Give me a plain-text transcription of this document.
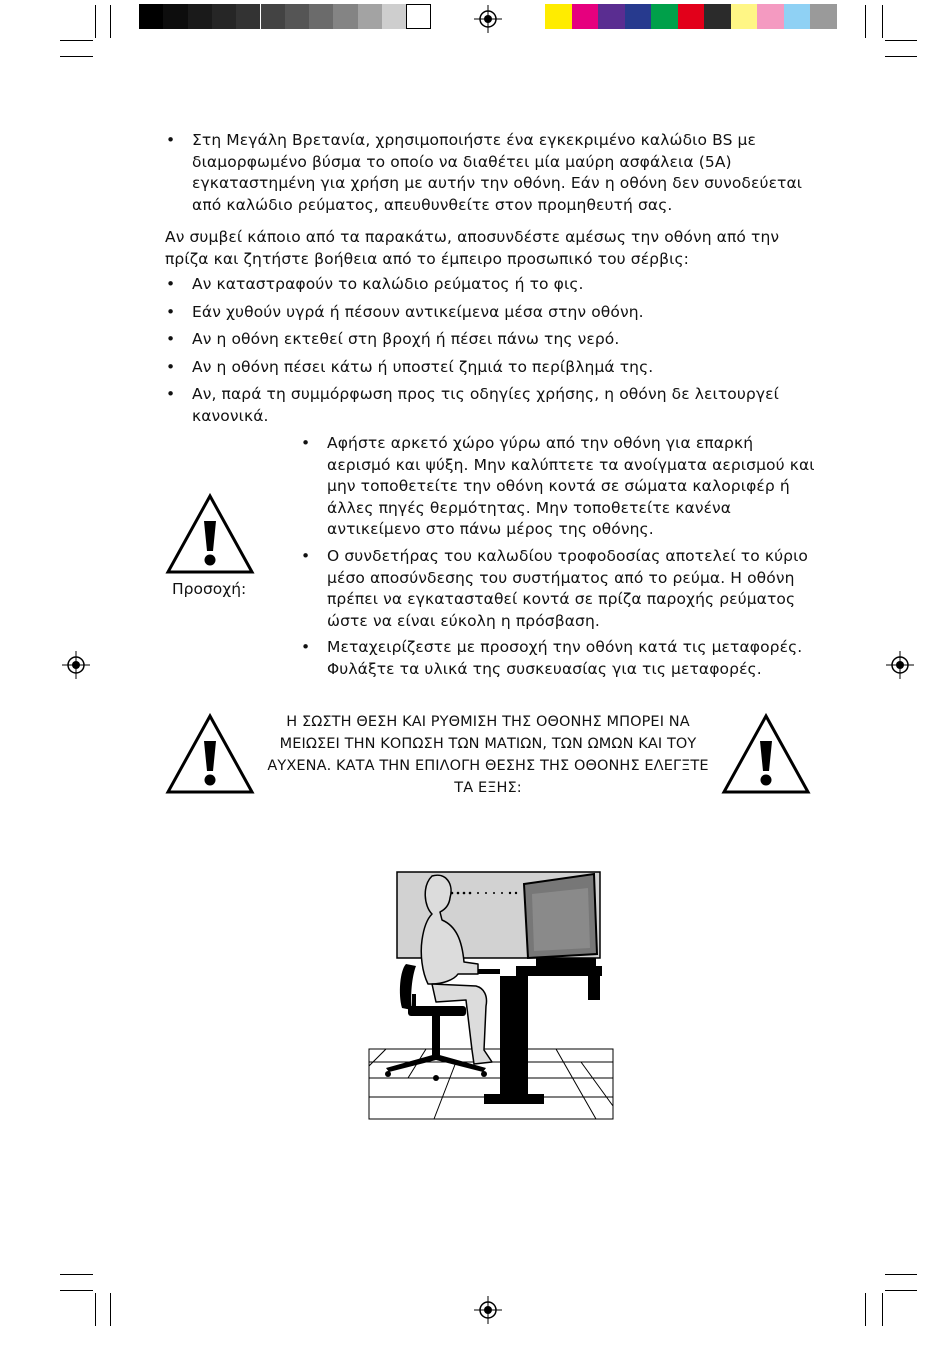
• Στη Μεγάλη Βρετανία, χρησιμοποιήστε ένα εγκεκριμένο καλώδιο BS με διαμορφωμένο βύσμα το οποίο να διαθέτει μία μαύρη ασφάλεια (5A) εγκαταστημένη για χρήση με αυτήν την οθόνη. Εάν η οθόνη δεν συνοδεύεται από καλώδιο ρεύματος, απευθυνθείτε στον προμηθευτή σας.
Αν συμβεί κάποιο από τα παρακάτω, αποσυνδέστε αμέσως την οθόνη από την πρίζα και ζητήστε βοήθεια από το έμπειρο προσωπικό του σέρβις:
• Αν καταστραφούν το καλώδιο ρεύματος ή το φις.
• Εάν χυθούν υγρά ή πέσουν αντικείμενα μέσα στην οθόνη.
• Αν η οθόνη εκτεθεί στη βροχή ή πέσει πάνω της νερό.
• Αν η οθόνη πέσει κάτω ή υποστεί ζημιά το περίβλημά της.
• Αν, παρά τη συμμόρφωση προς τις οδηγίες χρήσης, η οθόνη δε λειτουργεί κανονικά.
Προσοχή:
• Αφήστε αρκετό χώρο γύρω από την οθόνη για επαρκή αερισμό και ψύξη. Μην καλύπτετε τα ανοίγματα αερισμού και μην τοποθετείτε την οθόνη κοντά σε σώματα καλοριφέρ ή άλλες πηγές θερμότητας. Μην τοποθετείτε κανένα αντικείμενο στο πάνω μέρος της οθόνης.
• Ο συνδετήρας του καλωδίου τροφοδοσίας αποτελεί το κύριο μέσο αποσύνδεσης του συστήματος από το ρεύμα. Η οθόνη πρέπει να εγκατασταθεί κοντά σε πρίζα παροχής ρεύματος ώστε να είναι εύκολη η πρόσβαση.
• Μεταχειρίζεστε με προσοχή την οθόνη κατά τις μεταφορές. Φυλάξτε τα υλικά της συσκευασίας για τις μεταφορές.
Η ΣΩΣΤΗ ΘΕΣΗ ΚΑΙ ΡΥΘΜΙΣΗ ΤΗΣ ΟΘΟΝΗΣ ΜΠΟΡΕΙ ΝΑ ΜΕΙΩΣΕΙ ΤΗΝ ΚΟΠΩΣΗ ΤΩΝ ΜΑΤΙΩΝ, ΤΩΝ ΩΜΩΝ ΚΑΙ ΤΟΥ ΑΥΧΕΝΑ. ΚΑΤΑ ΤΗΝ ΕΠΙΛΟΓΗ ΘΕΣΗΣ ΤΗΣ ΟΘΟΝΗΣ ΕΛΕΓΞΤΕ ΤΑ ΕΞΗΣ:
